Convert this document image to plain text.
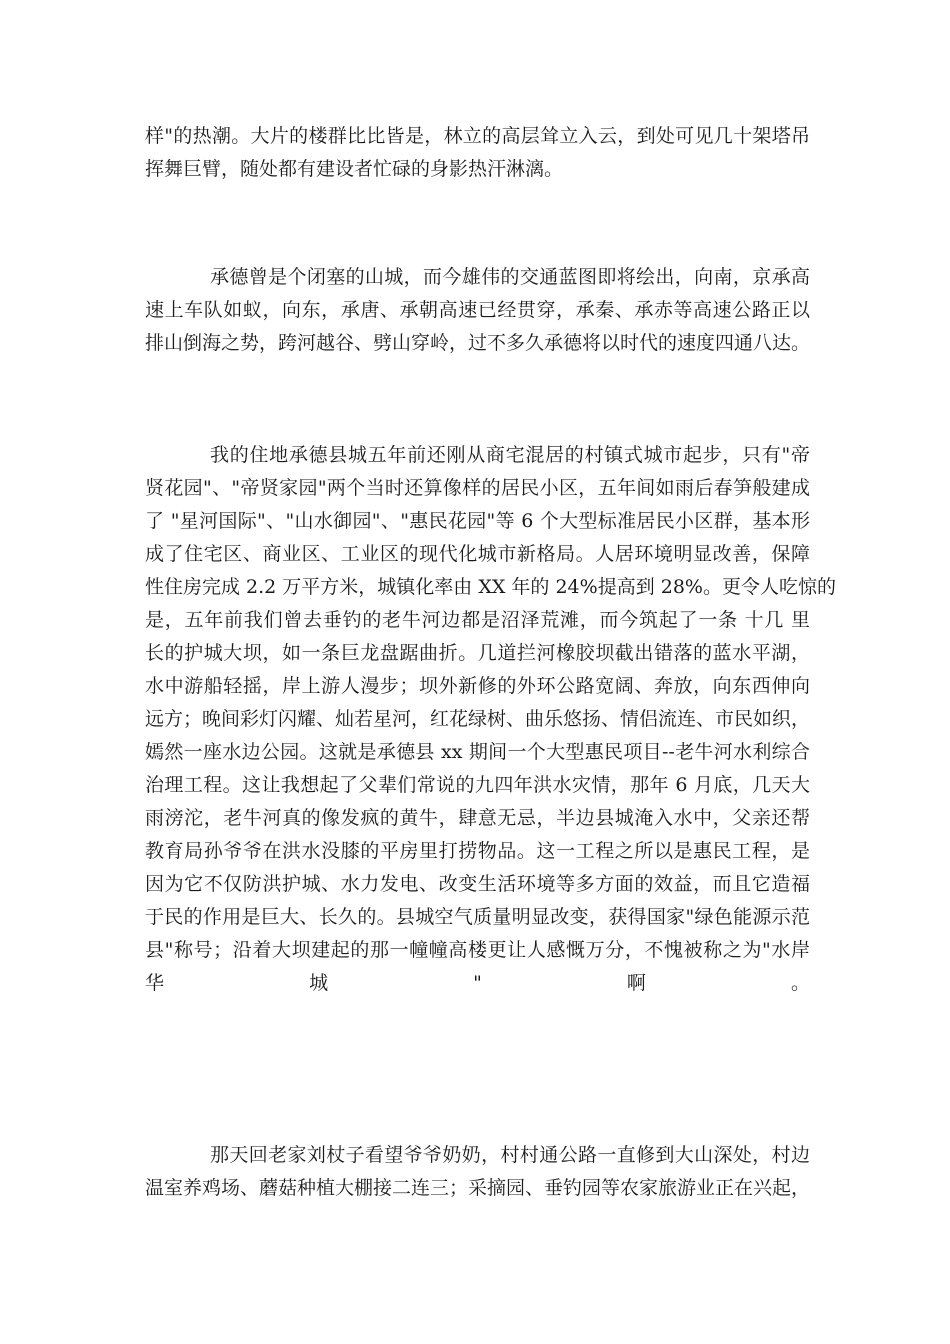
样"的热潮。大片的楼群比比皆是，林立的高层耸立入云，到处可见几十架塔吊
挥舞巨臂，随处都有建设者忙碌的身影热汗淋漓。

承德曾是个闭塞的山城，而今雄伟的交通蓝图即将绘出，向南，京承高
速上车队如蚁，向东，承唐、承朝高速已经贯穿，承秦、承赤等高速公路正以
排山倒海之势，跨河越谷、劈山穿岭，过不多久承德将以时代的速度四通八达。

我的住地承德县城五年前还刚从商宅混居的村镇式城市起步，只有"帝
贤花园"、"帝贤家园"两个当时还算像样的居民小区，五年间如雨后春笋般建成
了 "星河国际"、"山水御园"、"惠民花园"等 6 个大型标准居民小区群，基本形
成了住宅区、商业区、工业区的现代化城市新格局。人居环境明显改善，保障
性住房完成 2.2 万平方米，城镇化率由 XX 年的 24%提高到 28%。更令人吃惊的
是，五年前我们曾去垂钓的老牛河边都是沼泽荒滩，而今筑起了一条 十几 里
长的护城大坝，如一条巨龙盘踞曲折。几道拦河橡胶坝截出错落的蓝水平湖，
水中游船轻摇，岸上游人漫步；坝外新修的外环公路宽阔、奔放，向东西伸向
远方；晚间彩灯闪耀、灿若星河，红花绿树、曲乐悠扬、情侣流连、市民如织，
嫣然一座水边公园。这就是承德县 xx 期间一个大型惠民项目--老牛河水利综合
治理工程。这让我想起了父辈们常说的九四年洪水灾情，那年 6 月底，几天大
雨滂沱，老牛河真的像发疯的黄牛，肆意无忌，半边县城淹入水中，父亲还帮
教育局孙爷爷在洪水没膝的平房里打捞物品。这一工程之所以是惠民工程，是
因为它不仅防洪护城、水力发电、改变生活环境等多方面的效益，而且它造福
于民的作用是巨大、长久的。县城空气质量明显改变，获得国家"绿色能源示范
县"称号；沿着大坝建起的那一幢幢高楼更让人感慨万分，不愧被称之为"水岸
华城"啊。

那天回老家刘杖子看望爷爷奶奶，村村通公路一直修到大山深处，村边
温室养鸡场、蘑菇种植大棚接二连三；采摘园、垂钓园等农家旅游业正在兴起，
